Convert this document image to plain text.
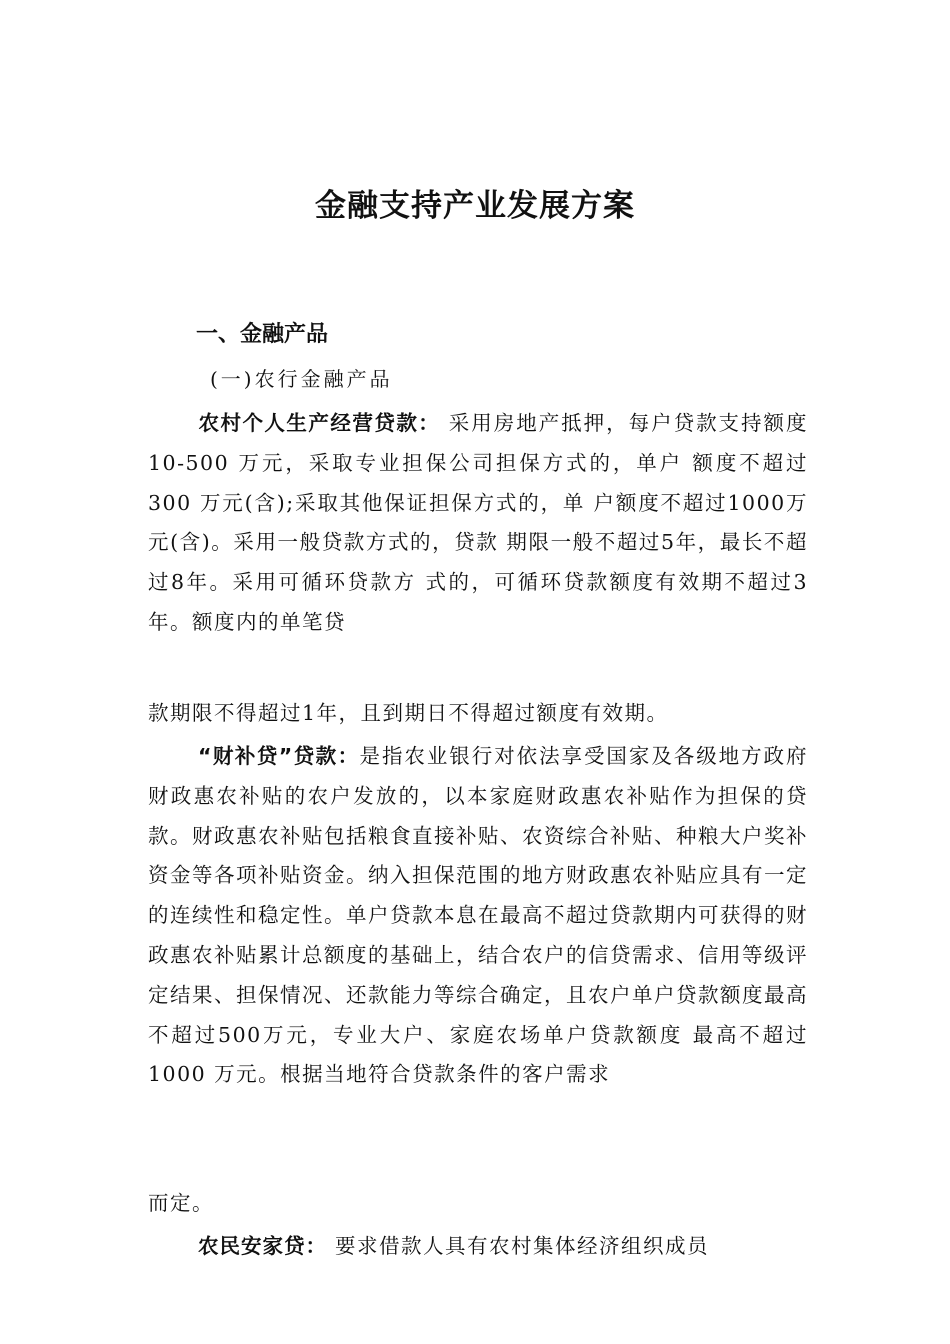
金融支持产业发展方案
一、金融产品
(一)农行金融产品
农村个人生产经营贷款： 采用房地产抵押，每户贷款支持额度10-500 万元，采取专业担保公司担保方式的，单户 额度不超过300 万元(含);采取其他保证担保方式的，单 户额度不超过1000万元(含)。采用一般贷款方式的，贷款 期限一般不超过5年，最长不超过8年。采用可循环贷款方 式的，可循环贷款额度有效期不超过3年。额度内的单笔贷
款期限不得超过1年，且到期日不得超过额度有效期。
“财补贷”贷款：是指农业银行对依法享受国家及各级地方政府财政惠农补贴的农户发放的，以本家庭财政惠农补贴作为担保的贷款。财政惠农补贴包括粮食直接补贴、农资综合补贴、种粮大户奖补资金等各项补贴资金。纳入担保范围的地方财政惠农补贴应具有一定的连续性和稳定性。单户贷款本息在最高不超过贷款期内可获得的财政惠农补贴累计总额度的基础上，结合农户的信贷需求、信用等级评定结果、担保情况、还款能力等综合确定，且农户单户贷款额度最高不超过500万元，专业大户、家庭农场单户贷款额度 最高不超过1000 万元。根据当地符合贷款条件的客户需求
而定。
农民安家贷： 要求借款人具有农村集体经济组织成员
